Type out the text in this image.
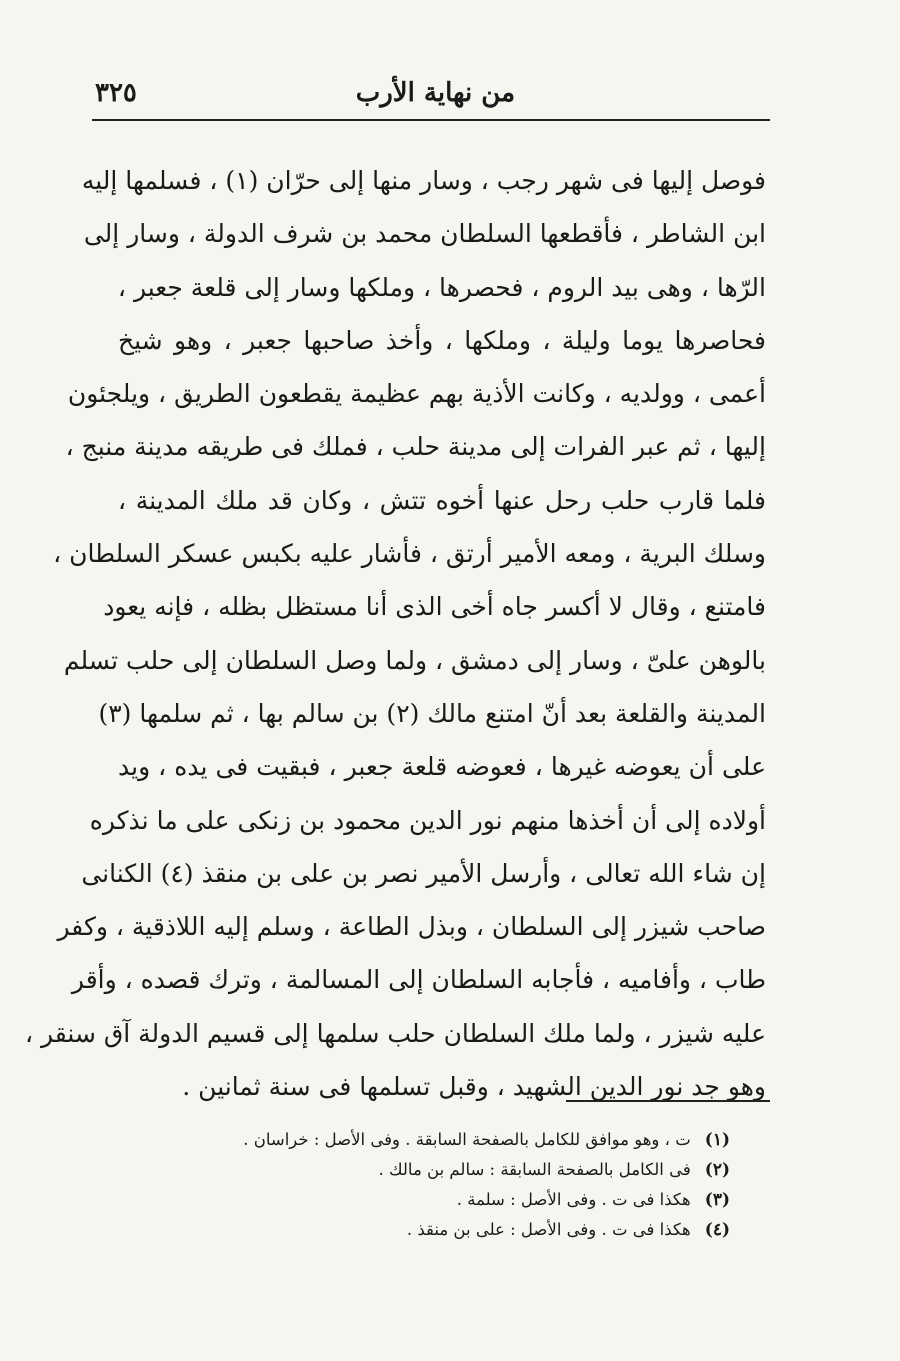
من نهاية الأرب
٣٢٥
فوصل إليها فى شهر رجب ، وسار منها إلى حرّان (١) ، فسلمها إليه
ابن الشاطر ، فأقطعها السلطان محمد بن شرف الدولة ، وسار إلى
الرّها ، وهى بيد الروم ، فحصرها ، وملكها وسار إلى قلعة جعبر ،
فحاصرها يوما وليلة ، وملكها ، وأخذ صاحبها جعبر ، وهو شيخ
أعمى ، وولديه ، وكانت الأذية بهم عظيمة يقطعون الطريق ، ويلجئون
إليها ، ثم عبر الفرات إلى مدينة حلب ، فملك فى طريقه مدينة منبج ،
فلما قارب حلب رحل عنها أخوه تتش ، وكان قد ملك المدينة ،
وسلك البرية ، ومعه الأمير أرتق ، فأشار عليه بكبس عسكر السلطان ،
فامتنع ، وقال لا أكسر جاه أخى الذى أنا مستظل بظله ، فإنه يعود
بالوهن علىّ ، وسار إلى دمشق ، ولما وصل السلطان إلى حلب تسلم
المدينة والقلعة بعد أنّ امتنع مالك (٢) بن سالم بها ، ثم سلمها (٣)
على أن يعوضه غيرها ، فعوضه قلعة جعبر ، فبقيت فى يده ، ويد
أولاده إلى أن أخذها منهم نور الدين محمود بن زنكى على ما نذكره
إن شاء الله تعالى ، وأرسل الأمير نصر بن على بن منقذ (٤) الكنانى
صاحب شيزر إلى السلطان ، وبذل الطاعة ، وسلم إليه اللاذقية ، وكفر
طاب ، وأفاميه ، فأجابه السلطان إلى المسالمة ، وترك قصده ، وأقر
عليه شيزر ، ولما ملك السلطان حلب سلمها إلى قسيم الدولة آق سنقر ،
وهو جد نور الدين الشهيد ، وقبل تسلمها فى سنة ثمانين .
(١) ت ، وهو موافق للكامل بالصفحة السابقة . وفى الأصل : خراسان .
(٢) فى الكامل بالصفحة السابقة : سالم بن مالك .
(٣) هكذا فى ت . وفى الأصل : سلمة .
(٤) هكذا فى ت . وفى الأصل : على بن منقذ .
